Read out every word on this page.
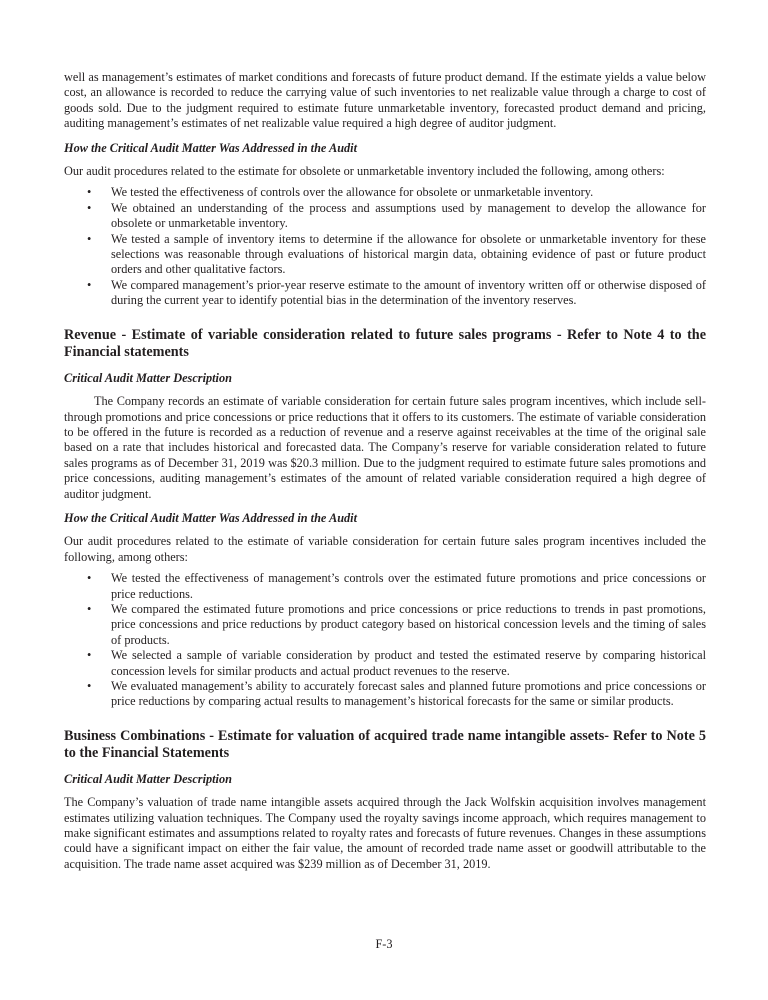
well as management’s estimates of market conditions and forecasts of future product demand. If the estimate yields a value below cost, an allowance is recorded to reduce the carrying value of such inventories to net realizable value through a charge to cost of goods sold. Due to the judgment required to estimate future unmarketable inventory, forecasted product demand and pricing, auditing management’s estimates of net realizable value required a high degree of auditor judgment.

How the Critical Audit Matter Was Addressed in the Audit

Our audit procedures related to the estimate for obsolete or unmarketable inventory included the following, among others:

• We tested the effectiveness of controls over the allowance for obsolete or unmarketable inventory.
• We obtained an understanding of the process and assumptions used by management to develop the allowance for obsolete or unmarketable inventory.
• We tested a sample of inventory items to determine if the allowance for obsolete or unmarketable inventory for these selections was reasonable through evaluations of historical margin data, obtaining evidence of past or future product orders and other qualitative factors.
• We compared management’s prior-year reserve estimate to the amount of inventory written off or otherwise disposed of during the current year to identify potential bias in the determination of the inventory reserves.

Revenue - Estimate of variable consideration related to future sales programs - Refer to Note 4 to the Financial statements

Critical Audit Matter Description

The Company records an estimate of variable consideration for certain future sales program incentives, which include sell-through promotions and price concessions or price reductions that it offers to its customers. The estimate of variable consideration to be offered in the future is recorded as a reduction of revenue and a reserve against receivables at the time of the original sale based on a rate that includes historical and forecasted data. The Company’s reserve for variable consideration related to future sales programs as of December 31, 2019 was $20.3 million. Due to the judgment required to estimate future sales promotions and price concessions, auditing management’s estimates of the amount of related variable consideration required a high degree of auditor judgment.

How the Critical Audit Matter Was Addressed in the Audit

Our audit procedures related to the estimate of variable consideration for certain future sales program incentives included the following, among others:

• We tested the effectiveness of management’s controls over the estimated future promotions and price concessions or price reductions.
• We compared the estimated future promotions and price concessions or price reductions to trends in past promotions, price concessions and price reductions by product category based on historical concession levels and the timing of sales of products.
• We selected a sample of variable consideration by product and tested the estimated reserve by comparing historical concession levels for similar products and actual product revenues to the reserve.
• We evaluated management’s ability to accurately forecast sales and planned future promotions and price concessions or price reductions by comparing actual results to management’s historical forecasts for the same or similar products.

Business Combinations - Estimate for valuation of acquired trade name intangible assets- Refer to Note 5 to the Financial Statements

Critical Audit Matter Description

The Company’s valuation of trade name intangible assets acquired through the Jack Wolfskin acquisition involves management estimates utilizing valuation techniques. The Company used the royalty savings income approach, which requires management to make significant estimates and assumptions related to royalty rates and forecasts of future revenues. Changes in these assumptions could have a significant impact on either the fair value, the amount of recorded trade name asset or goodwill attributable to the acquisition. The trade name asset acquired was $239 million as of December 31, 2019.

F-3
